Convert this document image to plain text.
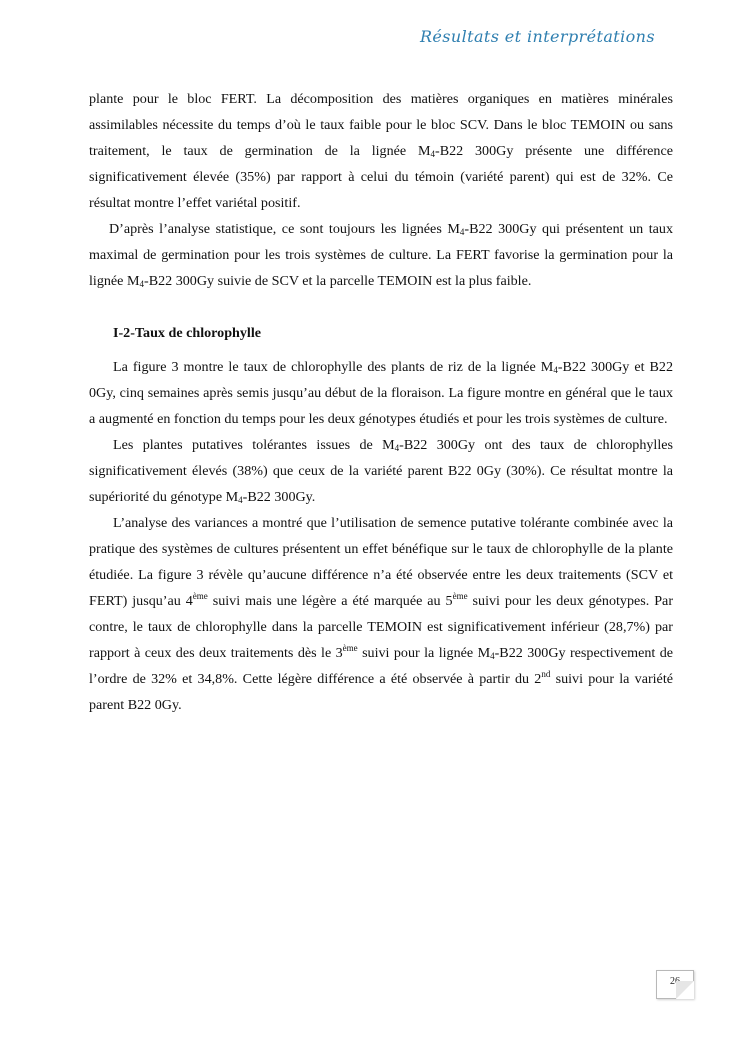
Résultats et interprétations

plante pour le bloc FERT. La décomposition des matières organiques en matières minérales assimilables nécessite du temps d’où le taux faible pour le bloc SCV. Dans le bloc TEMOIN ou sans traitement, le taux de germination de la lignée $M_4-B22$ 300Gy présente une différence significativement élevée (35%) par rapport à celui du témoin (variété parent) qui est de 32%. Ce résultat montre l’effet variétal positif.

D’après l’analyse statistique, ce sont toujours les lignées $M_4-B22$ 300Gy qui présentent un taux maximal de germination pour les trois systèmes de culture. La FERT favorise la germination pour la lignée $M_4-B22$ 300Gy suivie de SCV et la parcelle TEMOIN est la plus faible.

I-2-Taux de chlorophylle

La figure 3 montre le taux de chlorophylle des plants de riz de la lignée $M_4-B22$ 300Gy et B22 0Gy, cinq semaines après semis jusqu’au début de la floraison. La figure montre en général que le taux a augmenté en fonction du temps pour les deux génotypes étudiés et pour les trois systèmes de culture.

Les plantes putatives tolérantes issues de $M_4-B22$ 300Gy ont des taux de chlorophylles significativement élevés (38%) que ceux de la variété parent B22 0Gy (30%). Ce résultat montre la supériorité du génotype $M_4-B22$ 300Gy.

L’analyse des variances a montré que l’utilisation de semence putative tolérante combinée avec la pratique des systèmes de cultures présentent un effet bénéfique sur le taux de chlorophylle de la plante étudiée. La figure 3 révèle qu’aucune différence n’a été observée entre les deux traitements (SCV et FERT) jusqu’au 4ème suivi mais une légère a été marquée au 5ème suivi pour les deux génotypes. Par contre, le taux de chlorophylle dans la parcelle TEMOIN est significativement inférieur (28,7%) par rapport à ceux des deux traitements dès le 3ème suivi pour la lignée $M_4-B22$ 300Gy respectivement de l’ordre de 32% et 34,8%. Cette légère différence a été observée à partir du 2nd suivi pour la variété parent B22 0Gy.

26
